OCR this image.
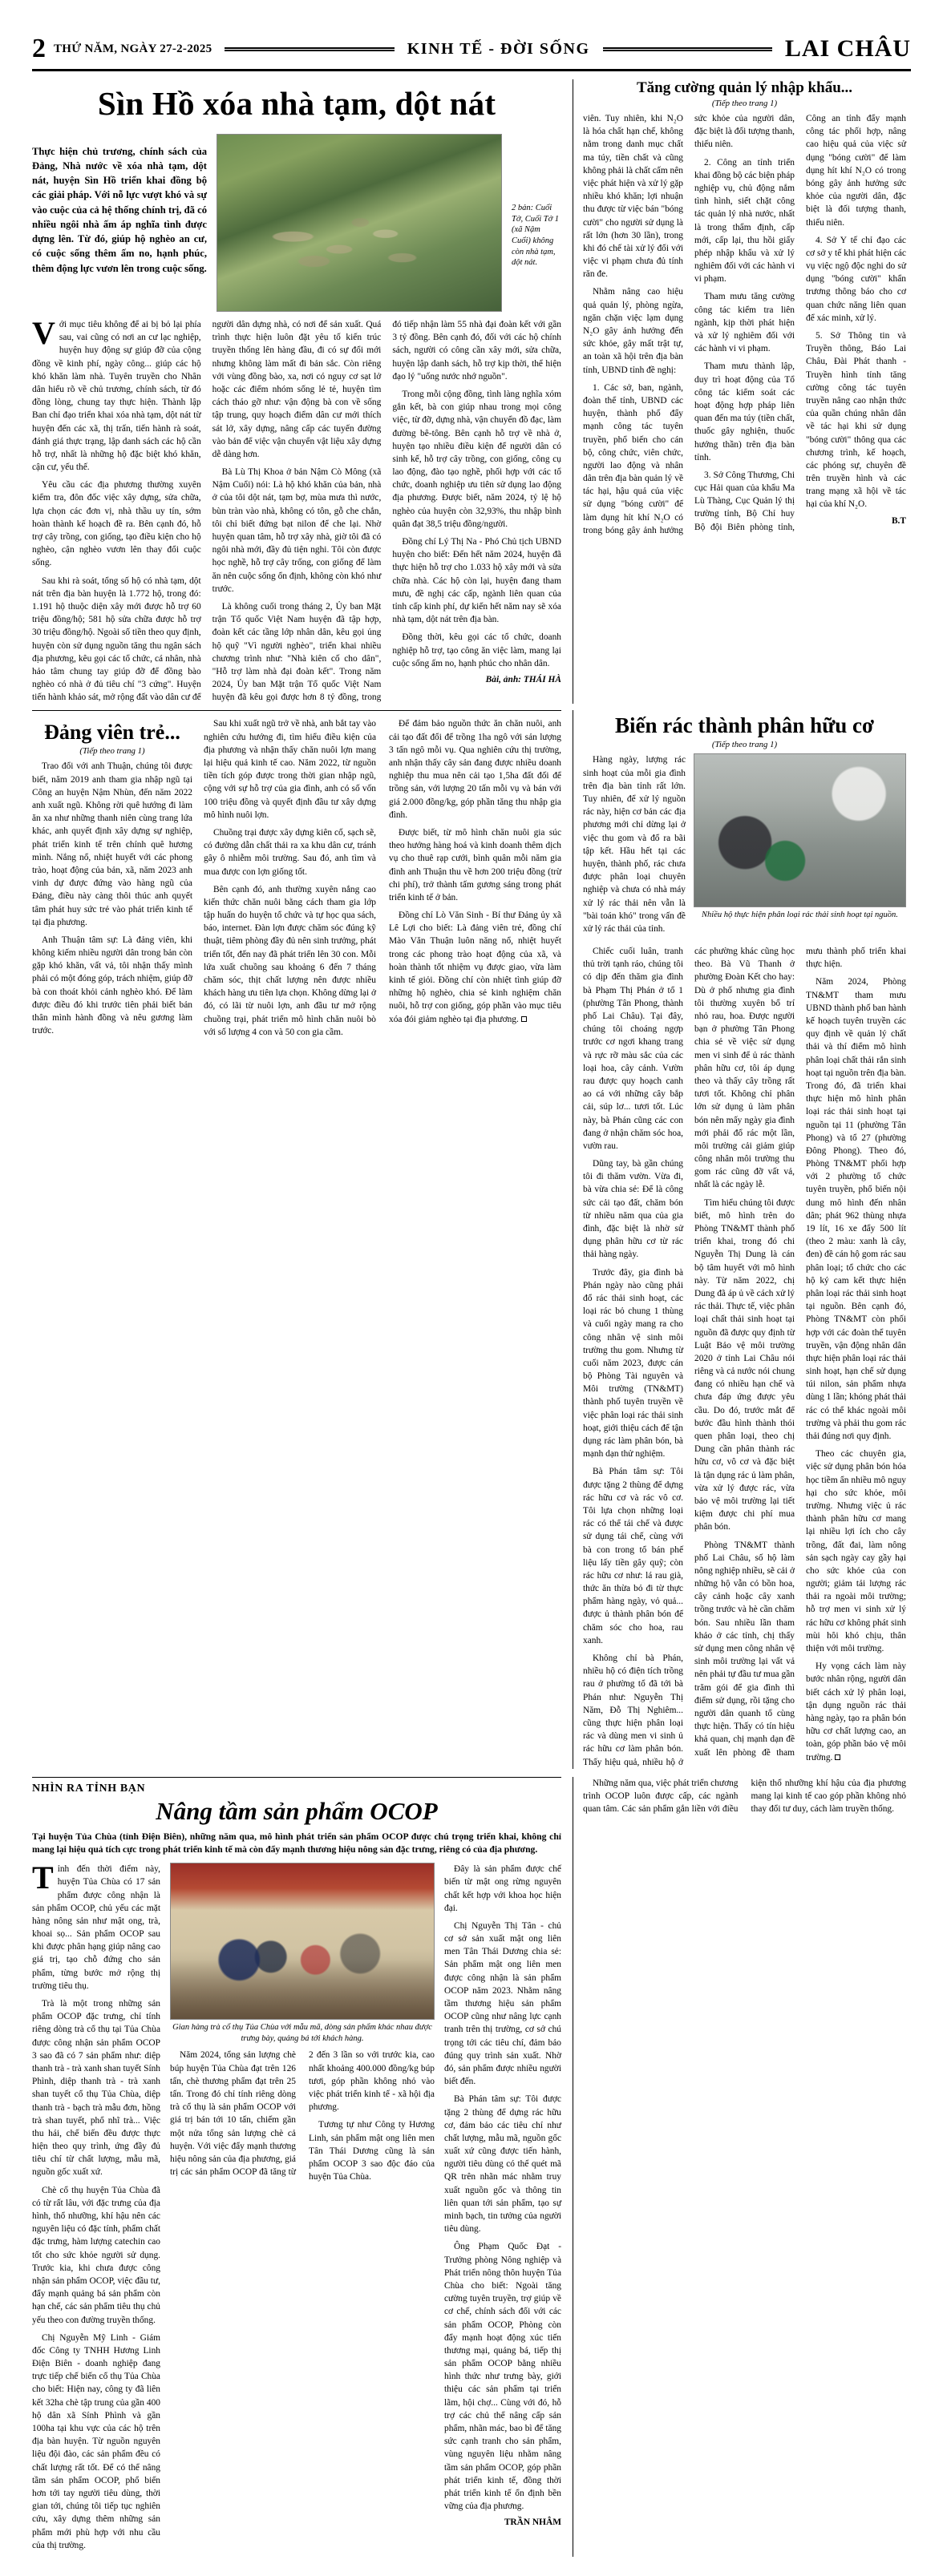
2 THỨ NĂM, NGÀY 27-2-2025	KINH TẾ - ĐỜI SỐNG	LAI CHÂU
Sìn Hồ xóa nhà tạm, dột nát

Thực hiện chủ trương, chính sách của Đảng, Nhà nước về xóa nhà tạm, dột nát, huyện Sìn Hồ triển khai đồng bộ các giải pháp. Với nỗ lực vượt khó và sự vào cuộc của cả hệ thống chính trị, đã có nhiều ngôi nhà ấm áp nghĩa tình được dựng lên. Từ đó, giúp hộ nghèo an cư, có cuộc sống thêm ấm no, hạnh phúc, thêm động lực vươn lên trong cuộc sống.

2 bản: Cuổi Tở, Cuổi Tở 1 (xã Nậm Cuổi) không còn nhà tạm, dột nát.

Với mục tiêu không để ai bị bỏ lại phía sau, vai cũng có nơi an cư lạc nghiệp, huyện huy động sự giúp đỡ của cộng đồng về kinh phí, ngày công... giúp các hộ khó khăn làm nhà. Tuyên truyền cho Nhân dân hiểu rõ về chủ trương, chính sách, từ đó đồng lòng, chung tay thực hiện. Thành lập Ban chỉ đạo triển khai xóa nhà tạm, dột nát từ huyện đến các xã, thị trấn, tiến hành rà soát, đánh giá thực trạng, lập danh sách các hộ cần hỗ trợ, nhất là những hộ đặc biệt khó khăn, cận cư, yếu thế.

Yêu cầu các địa phương thường xuyên kiểm tra, đôn đốc việc xây dựng, sửa chữa, lựa chọn các đơn vị, nhà thầu uy tín, sớm hoàn thành kế hoạch đề ra. Bên cạnh đó, hỗ trợ cây trồng, con giống, tạo điều kiện cho hộ nghèo, cận nghèo vươn lên thay đổi cuộc sống.

Sau khi rà soát, tổng số hộ có nhà tạm, dột nát trên địa bàn huyện là 1.772 hộ, trong đó: 1.191 hộ thuộc diện xây mới được hỗ trợ 60 triệu đồng/hộ; 581 hộ sửa chữa được hỗ trợ 30 triệu đồng/hộ. Ngoài số tiền theo quy định, huyện còn sử dụng nguồn tăng thu ngân sách địa phương, kêu gọi các tổ chức, cá nhân, nhà hảo tâm chung tay giúp đỡ để đồng bào nghèo có nhà ở đủ tiêu chí "3 cứng". Huyện tiến hành khảo sát, mở rộng đất vào dân cư để người dân dựng nhà, có nơi để sản xuất. Quá trình thực hiện luôn đặt yêu tố kiến trúc truyền thống lên hàng đầu, đi có sự đổi mới nhưng không làm mất đi bản sắc. Còn riêng với vùng đồng bào, xa, nơi có nguy cơ sạt lở hoặc các điểm nhóm sống lẻ tẻ, huyện tìm cách tháo gỡ như: vận động bà con về sống tập trung, quy hoạch điểm dân cư mới thích sát lở, xây dựng, nâng cấp các tuyến đường vào bản để việc vận chuyển vật liệu xây dựng dễ dàng hơn.

Bà Lù Thị Khoa ở bản Nậm Cò Mông (xã Nậm Cuổi) nói: Là hộ khó khăn của bản, nhà ở của tôi dột nát, tạm bợ, mùa mưa thì nước, bùn tràn vào nhà, không có tôn, gỗ che chắn, tôi chỉ biết đứng bạt nilon để che lại. Nhờ huyện quan tâm, hỗ trợ xây nhà, giờ tôi đã có ngôi nhà mới, đầy đủ tiện nghi. Tôi còn được học nghề, hỗ trợ cây trống, con giống để làm ăn nên cuộc sống ổn định, không còn khó như trước.

Là không cuối trong tháng 2, Ủy ban Mặt trận Tổ quốc Việt Nam huyện đã tập hợp, đoàn kết các tầng lớp nhân dân, kêu gọi ủng hộ quỹ "Vì người nghèo", triển khai nhiều chương trình như: "Nhà kiên cố cho dân", "Hỗ trợ làm nhà đại đoàn kết". Trong năm 2024, Ủy ban Mặt trận Tổ quốc Việt Nam huyện đã kêu gọi được hơn 8 tỷ đồng, trong đó tiếp nhận làm 55 nhà đại đoàn kết với gần 3 tỷ đồng. Bên cạnh đó, đối với các hộ chính sách, người có công cần xây mới, sửa chữa, huyện lập danh sách, hỗ trợ kịp thời, thể hiện đạo lý "uống nước nhớ nguồn".

Trong mỗi cộng đồng, tình làng nghĩa xóm gắn kết, bà con giúp nhau trong mọi công việc, từ đỡ, dựng nhà, vận chuyển đồ đạc, làm đường bê-tông. Bên cạnh hỗ trợ về nhà ở, huyện tạo nhiều điều kiện để người dân có sinh kế, hỗ trợ cây trồng, con giống, công cụ lao động, đào tạo nghề, phối hợp với các tổ chức, doanh nghiệp ưu tiên sử dụng lao động địa phương. Được biết, năm 2024, tỷ lệ hộ nghèo của huyện còn 32,93%, thu nhập bình quân đạt 38,5 triệu đồng/người.

Đồng chí Lý Thị Na - Phó Chủ tịch UBND huyện cho biết: Đến hết năm 2024, huyện đã thực hiện hỗ trợ cho 1.033 hộ xây mới và sửa chữa nhà. Các hộ còn lại, huyện đang tham mưu, đề nghị các cấp, ngành liên quan của tỉnh cấp kinh phí, dự kiến hết năm nay sẽ xóa nhà tạm, dột nát trên địa bàn.

Đồng thời, kêu gọi các tổ chức, doanh nghiệp hỗ trợ, tạo công ăn việc làm, mang lại cuộc sống ấm no, hạnh phúc cho nhân dân.

Bài, ảnh: THÁI HÀ
Tăng cường quản lý nhập khẩu...
(Tiếp theo trang 1)

viên. Tuy nhiên, khi N₂O là hóa chất hạn chế, không nằm trong danh mục chất ma túy, tiền chất và cũng không phải là chất cấm nên việc phát hiện và xử lý gặp nhiều khó khăn; lợi nhuận thu được từ việc bán "bóng cười" cho người sử dụng là rất lớn (hơn 30 lần), trong khi đó chế tài xử lý đối với việc vi phạm chưa đủ tính răn đe.

Nhằm nâng cao hiệu quả quản lý, phòng ngừa, ngăn chặn việc lạm dụng N₂O gây ảnh hưởng đến sức khỏe, gây mất trật tự, an toàn xã hội trên địa bàn tỉnh, UBND tỉnh đề nghị:

1. Các sở, ban, ngành, đoàn thể tỉnh, UBND các huyện, thành phố đẩy mạnh công tác tuyên truyền, phổ biến cho cán bộ, công chức, viên chức, người lao động và nhân dân trên địa bàn quản lý về tác hại, hậu quả của việc sử dụng "bóng cười" để làm dụng hít khí N₂O có trong bóng gây ảnh hưởng sức khỏe của người dân, đặc biệt là đối tượng thanh, thiếu niên.

2. Công an tỉnh triển khai đồng bộ các biện pháp nghiệp vụ, chủ động nắm tình hình, siết chặt công tác quản lý nhà nước, nhất là trong thẩm định, cấp mới, cấp lại, thu hồi giấy phép nhập khẩu và xử lý nghiêm đối với các hành vi vi phạm.

Tham mưu tăng cường công tác kiểm tra liên ngành, kịp thời phát hiện và xử lý nghiêm đối với các hành vi vi phạm.

Tham mưu thành lập, duy trì hoạt động của Tổ công tác kiểm soát các hoạt động hợp pháp liên quan đến ma túy (tiền chất, thuốc gây nghiện, thuốc hướng thần) trên địa bàn tỉnh.

3. Sở Công Thương, Chi cục Hải quan của khẩu Ma Lù Thàng, Cục Quản lý thị trường tỉnh, Bộ Chỉ huy Bộ đội Biên phòng tỉnh, Công an tỉnh đẩy mạnh công tác phối hợp, nâng cao hiệu quả của việc sử dụng "bóng cười" để làm dụng hít khí N₂O có trong bóng gây ảnh hưởng sức khỏe của người dân, đặc biệt là đối tượng thanh, thiếu niên.

4. Sở Y tế chỉ đạo các cơ sở y tế khi phát hiện các vụ việc ngộ độc nghi do sử dụng "bóng cười" khẩn trương thông báo cho cơ quan chức năng liên quan để xác minh, xử lý.

5. Sở Thông tin và Truyền thông, Báo Lai Châu, Đài Phát thanh - Truyền hình tỉnh tăng cường công tác tuyên truyền nâng cao nhận thức của quần chúng nhân dân về tác hại khi sử dụng "bóng cười" thông qua các chương trình, kế hoạch, các phóng sự, chuyên đề trên truyền hình và các trang mạng xã hội về tác hại của khí N₂O.

B.T
Đảng viên trẻ...
(Tiếp theo trang 1)

Trao đổi với anh Thuận, chúng tôi được biết, năm 2019 anh tham gia nhập ngũ tại Công an huyện Nậm Nhùn, đến năm 2022 anh xuất ngũ. Không rời quê hướng đi làm ăn xa như những thanh niên cùng trang lứa khác, anh quyết định xây dựng sự nghiệp, phát triển kinh tế trên chính quê hương mình. Nắng nổ, nhiệt huyết với các phong trào, hoạt động của bản, xã, năm 2023 anh vinh dự được đứng vào hàng ngũ của Đảng, điều này càng thôi thúc anh quyết tâm phát huy sức trẻ vào phát triển kinh tế tại địa phương.

Anh Thuận tâm sự: Là đảng viên, khi không kiếm nhiều người dân trong bản còn gặp khó khăn, vất vả, tôi nhận thấy mình phải có một đóng góp, trách nhiệm, giúp đỡ bà con thoát khỏi cảnh nghèo khó. Để làm được điều đó khi trước tiên phải biết bản thân mình hành đồng và nêu gương làm trước.

Sau khi xuất ngũ trở về nhà, anh bắt tay vào nghiên cứu hướng đi, tìm hiểu điều kiện của địa phương và nhận thấy chăn nuôi lợn mang lại hiệu quả kinh tế cao. Năm 2022, từ nguồn tiền tích góp được trong thời gian nhập ngũ, cộng với sự hỗ trợ của gia đình, anh có số vốn 100 triệu đồng và quyết định đầu tư xây dựng mô hình nuôi lợn.

Chuồng trại được xây dựng kiên cố, sạch sẽ, có đường dẫn chất thải ra xa khu dân cư, tránh gây ô nhiễm môi trường. Sau đó, anh tìm và mua được con lợn giống tốt.

Bên cạnh đó, anh thường xuyên nắng cao kiến thức chăn nuôi bằng cách tham gia lớp tập huấn do huyện tổ chức và tự học qua sách, báo, internet. Đàn lợn được chăm sóc đúng kỹ thuật, tiêm phòng đầy đủ nên sinh trưởng, phát triển tốt, đến nay đã phát triển lên 30 con. Mỗi lứa xuất chuồng sau khoảng 6 đến 7 tháng chăm sóc, thịt chất lượng nên được nhiều khách hàng ưu tiên lựa chọn. Không dừng lại ở đó, có lãi từ nuôi lợn, anh đầu tư mở rộng chuồng trại, phát triển mô hình chăn nuôi bò với số lượng 4 con và 50 con gia cầm.

Để đảm bảo nguồn thức ăn chăn nuôi, anh cải tạo đất đổi để trồng 1ha ngô với sản lượng 3 tấn ngô mỗi vụ. Qua nghiên cứu thị trường, anh nhận thấy cây sản đang được nhiều doanh nghiệp thu mua nên cải tạo 1,5ha đất đối để trồng sản, với lượng 20 tấn mỗi vụ và bán với giá 2.000 đồng/kg, góp phần tăng thu nhập gia đình.

Được biết, từ mô hình chăn nuôi gia súc theo hướng hàng hoá và kinh doanh thêm dịch vụ cho thuê rạp cưới, bình quân mỗi năm gia đình anh Thuận thu về hơn 200 triệu đồng (trừ chi phí), trở thành tấm gương sáng trong phát triển kinh tế ở bản.

Đồng chí Lò Văn Sinh - Bí thư Đảng ủy xã Lê Lợi cho biết: Là đảng viên trẻ, đồng chí Mào Văn Thuận luôn năng nổ, nhiệt huyết trong các phong trào hoạt động của xã, và hoàn thành tốt nhiệm vụ được giao, vừa làm kinh tế giỏi. Đồng chí còn nhiệt tình giúp đỡ những hộ nghèo, chia sẻ kinh nghiệm chăn nuôi, hỗ trợ con giống, góp phần vào mục tiêu xóa đói giảm nghèo tại địa phương.

Biến rác thành phân hữu cơ
(Tiếp theo trang 1)

Hàng ngày, lượng rác sinh hoạt của mỗi gia đình trên địa bàn tỉnh rất lớn. Tuy nhiên, để xử lý nguồn rác này, hiện cơ bản các địa phương mới chỉ dừng lại ở việc thu gom và đổ ra bãi tập kết. Hầu hết tại các huyện, thành phố, rác chưa được phân loại chuyên nghiệp và chưa có nhà máy xử lý rác thải nên vẫn là "bài toán khó" trong vấn đề xử lý rác thải của tỉnh.

Nhiều hộ thực hiện phân loại rác thải sinh hoạt tại nguồn.

Chiếc cuối luân, tranh thủ trời tạnh ráo, chúng tôi có dịp đến thăm gia đình bà Phạm Thị Phán ở tổ 1 (phường Tân Phong, thành phố Lai Châu). Tại đây, chúng tôi choáng ngợp trước cơ ngơi khang trang và rực rỡ màu sắc của các loại hoa, cây cảnh. Vườn rau được quy hoạch canh ao cá với những cây bắp cải, súp lơ... tươi tốt. Lúc này, bà Phán cũng các con đang ở nhận chăm sóc hoa, vườn rau.

Dũng tay, bà gần chúng tôi đi thăm vườn. Vừa đi, bà vừa chia sẻ: Để là công sức cải tạo đất, chăm bón từ nhiều năm qua của gia đình, đặc biệt là nhờ sử dụng phân hữu cơ từ rác thải hàng ngày.

Trước đây, gia đình bà Phán ngày nào cũng phải đổ rác thải sinh hoạt, các loại rác bỏ chung 1 thùng và cuối ngày mang ra cho công nhân vệ sinh môi trường thu gom. Nhưng từ cuối năm 2023, được cán bộ Phòng Tài nguyên và Môi trường (TN&MT) thành phố tuyên truyền về việc phân loại rác thải sinh hoạt, giới thiệu cách để tận dụng rác làm phân bón, bà mạnh dạn thử nghiệm.

Bà Phán tâm sự: Tôi được tặng 2 thùng để dựng rác hữu cơ và rác vô cơ. Tôi lựa chọn những loại rác có thể tái chế và được sử dụng tái chế, cùng với bà con trong tổ bán phế liệu lấy tiền gây quỹ; còn rác hữu cơ như: lá rau già, thức ăn thừa bỏ đi từ thực phẩm hàng ngày, vỏ quả... được ủ thành phân bón để chăm sóc cho hoa, rau xanh.

Không chỉ bà Phán, nhiều hộ có điện tích trồng rau ở phường tổ đã tới bà Phán như: Nguyễn Thị Năm, Đỗ Thị Nghiêm... cũng thực hiện phân loại rác và dùng men vi sinh ủ rác hữu cơ làm phân bón. Thấy hiệu quả, nhiều hộ ở các phường khác cũng học theo. Bà Vũ Thanh ở phường Đoàn Kết cho hay: Dù ở phố nhưng gia đình tôi thường xuyên bổ trí nhỏ rau, hoa. Được người bạn ở phường Tân Phong chia sẻ về việc sử dụng men vi sinh để ủ rác thành phân hữu cơ, tôi áp dụng theo và thấy cây trồng rất tươi tốt. Không chỉ phân lớn sử dụng ủ làm phân bón nên mấy ngày gia đình mới phải đổ rác một lần, môi trường cải giảm giúp công nhân môi trường thu gom rác cũng đỡ vất vả, nhất là các ngày lễ.

Tìm hiểu chúng tôi được biết, mô hình trên do Phòng TN&MT thành phố triển khai, trong đó chi Nguyễn Thị Dung là cán bộ tâm huyết với mô hình này. Từ năm 2022, chị Dung đã áp ủ về cách xử lý rác thải. Thực tế, việc phân loại chất thải sinh hoạt tại nguồn đã được quy định từ Luật Bảo vệ môi trường 2020 ở tỉnh Lai Châu nói riêng và cả nước nói chung đang có nhiều hạn chế và chưa đáp ứng được yêu cầu. Do đó, trước mắt để bước đầu hình thành thói quen phân loại, theo chị Dung cần phân thành rác hữu cơ, vô cơ và đặc biệt là tận dụng rác ủ làm phân, vừa xử lý được rác, vừa bảo vệ môi trường lại tiết kiệm được chi phí mua phân bón.

Phòng TN&MT thành phố Lai Châu, số hộ làm nông nghiệp nhiều, sẽ cải ở những hộ vẫn có bồn hoa, cây cảnh hoặc cây xanh trồng trước và hè cần chăm bón. Sau nhiều lần tham khảo ở các tỉnh, chị thấy sử dụng men công nhân vệ sinh môi trường lại vất vả nên phải tự đầu tư mua gần trăm gói để gia đình thì điểm sử dụng, rồi tặng cho người dân quanh tổ cùng thực hiện. Thấy có tín hiệu khả quan, chị mạnh dạn đề xuất lên phòng đề tham mưu thành phố triển khai thực hiện.

Năm 2024, Phòng TN&MT tham mưu UBND thành phố ban hành kế hoạch tuyên truyền các quy định về quản lý chất thải và thí điểm mô hình phân loại chất thải rắn sinh hoạt tại nguồn trên địa bàn. Trong đó, đã triển khai thực hiện mô hình phân loại rác thải sinh hoạt tại nguồn tại 11 (phường Tân Phong) và tổ 27 (phường Đông Phong). Theo đó, Phòng TN&MT phối hợp với 2 phường tổ chức tuyên truyền, phổ biến nội dung mô hình đến nhân dân; phát 962 thùng nhựa 19 lít, 16 xe đẩy 500 lít (theo 2 màu: xanh là cây, đen) đề cán hộ gom rác sau phân loại; tổ chức cho các hộ ký cam kết thực hiện phân loại rác thải sinh hoạt tại nguồn. Bên cạnh đó, Phòng TN&MT còn phối hợp với các đoàn thể tuyên truyền, vận động nhân dân thực hiện phân loại rác thải sinh hoạt, hạn chế sử dụng túi nilon, sản phẩm nhựa dùng 1 lần; khóng phát thải rác có thể khác ngoài môi trường và phải thu gom rác thải đúng nơi quy định.

Theo các chuyên gia, việc sử dụng phân bón hóa học tiềm ẩn nhiều mô nguy hại cho sức khỏe, môi trường. Nhưng việc ủ rác thành phân hữu cơ mang lại nhiều lợi ích cho cây trồng, đất đai, làm nông sản sạch ngày cay gầy hại cho sức khỏe của con người; giảm tải lượng rác thải ra ngoài môi trường; hỗ trợ men vi sinh xử lý rác hữu cơ không phát sinh mùi hôi khó chịu, thân thiện với môi trường.

Hy vọng cách làm này bước nhân rộng, người dân biết cách xử lý phân loại, tận dụng nguồn rác thải hàng ngày, tạo ra phân bón hữu cơ chất lượng cao, an toàn, góp phần bảo vệ môi trường.

NHÌN RA TỈNH BẠN
Nâng tầm sản phẩm OCOP

Tại huyện Tủa Chùa (tỉnh Điện Biên), những năm qua, mô hình phát triển sản phẩm OCOP được chú trọng triển khai, không chỉ mang lại hiệu quả tích cực trong phát triển kinh tế mà còn đẩy mạnh thương hiệu nông sản đặc trưng, riêng có của địa phương.

Tỉnh đến thời điểm này, huyện Tủa Chùa có 17 sản phẩm được công nhận là sản phẩm OCOP, chủ yếu các mặt hàng nông sản như mật ong, trà, khoai sọ... Sản phẩm OCOP sau khi được phân hạng giúp nâng cao giá trị, tạo chỗ đứng cho sản phẩm, từng bước mở rộng thị trường tiêu thụ.

Trà là một trong những sản phẩm OCOP đặc trưng, chỉ tính riêng dòng trà cổ thụ tại Tủa Chùa được công nhận sản phẩm OCOP 3 sao đã có 7 sản phẩm như: diệp thanh trà - trà xanh shan tuyết Sính Phình, diệp thanh trà - trà xanh shan tuyết cổ thụ Tủa Chùa, diệp thanh trà - bạch trà mẫu đơn, hồng trà shan tuyết, phổ nhĩ trà... Việc thu hái, chế biến đều được thực hiện theo quy trình, ứng đầy đủ tiêu chí từ chất lượng, mẫu mã, nguồn gốc xuất xứ.

Chè cổ thụ huyện Tủa Chùa đã có từ rất lâu, với đặc trưng của địa hình, thổ nhưỡng, khí hậu nên các nguyên liệu có đặc tính, phẩm chất đặc trưng, hàm lượng catechin cao tốt cho sức khỏe người sử dụng. Trước kia, khi chưa được công nhận sản phẩm OCOP, việc đầu tư, đẩy mạnh quảng bá sản phẩm còn hạn chế, các sản phẩm tiêu thụ chủ yếu theo con đường truyền thống.

Chị Nguyễn Mỹ Linh - Giám đốc Công ty TNHH Hương Linh Điện Biên - doanh nghiệp đang trực tiếp chế biến cổ thụ Tủa Chùa cho biết: Hiện nay, công ty đã liên kết 32ha chè tập trung của gần 400 hộ dân xã Sính Phình và gần 100ha tại khu vực của các hộ trên địa bàn huyện. Từ nguồn nguyên liệu đội đào, các sản phẩm đều có chất lượng rất tốt. Để có thể nâng tầm sản phẩm OCOP, phổ biến hơn tới tay người tiêu dùng, thời gian tới, chúng tôi tiếp tục nghiên cứu, xây dựng thêm những sản phẩm mới phù hợp với nhu cầu của thị trường.

Gian hàng trà cổ thụ Tủa Chùa với mẫu mã, dòng sản phẩm khác nhau được trưng bày, quảng bá tới khách hàng.

Năm 2024, tổng sản lượng chè búp huyện Tủa Chùa đạt trên 126 tấn, chè thương phẩm đạt trên 25 tấn. Trong đó chỉ tính riêng dòng trà cổ thụ là sản phẩm OCOP với giá trị bán tới 10 tấn, chiếm gần một nửa tổng sản lượng chè cả huyện. Với việc đẩy mạnh thương hiệu nông sản của địa phương, giá trị các sản phẩm OCOP đã tăng từ 2 đến 3 lần so với trước kia, cao nhất khoảng 400.000 đồng/kg búp tươi, góp phần không nhỏ vào việc phát triển kinh tế - xã hội địa phương.

Tương tự như Công ty Hương Linh, sản phẩm mật ong liên men Tân Thái Dương cũng là sản phẩm OCOP 3 sao độc đáo của huyện Tủa Chùa.

Đây là sản phẩm được chế biến từ mật ong rừng nguyên chất kết hợp với khoa học hiện đại.

Chị Nguyễn Thị Tân - chủ cơ sở sản xuất mật ong liên men Tân Thái Dương chia sẻ: Sản phẩm mật ong liên men được công nhận là sản phẩm OCOP năm 2023. Nhằm nâng tầm thương hiệu sản phẩm OCOP cũng như nâng lực cạnh tranh trên thị trường, cơ sở chú trọng tới các tiêu chí, đảm bảo đúng quy trình sản xuất. Nhờ đó, sản phẩm được nhiều người biết đến.

Bà Phán tâm sự: Tôi được tặng 2 thùng để dựng rác hữu cơ, đảm bảo các tiêu chí như chất lượng, mẫu mã, nguồn gốc xuất xứ cũng được tiến hành, người tiêu dùng có thể quét mã QR trên nhãn mác nhằm truy xuất nguồn gốc và thông tin liên quan tới sản phẩm, tạo sự minh bạch, tin tưởng của người tiêu dùng.

Ông Phạm Quốc Đạt - Trưởng phòng Nông nghiệp và Phát triển nông thôn huyện Tủa Chùa cho biết: Ngoài tăng cường tuyên truyền, trợ giúp về cơ chế, chính sách đối với các sản phẩm OCOP, Phòng còn đẩy mạnh hoạt động xúc tiến thương mại, quảng bá, tiếp thị sản phẩm OCOP bằng nhiều hình thức như trưng bày, giới thiệu các sản phẩm tại triển lãm, hội chợ... Cùng với đó, hỗ trợ các chủ thể nâng cấp sản phẩm, nhãn mác, bao bì để tăng sức cạnh tranh cho sản phẩm, vùng nguyên liệu nhằm nâng tầm sản phẩm OCOP, góp phần phát triển kinh tế, đồng thời phát triển kinh tế ổn định bền vững của địa phương.

TRẦN NHÂM

Những năm qua, việc phát triển chương trình OCOP luôn được cấp, các ngành quan tâm. Các sản phẩm gắn liền với điều kiện thổ nhưỡng khí hậu của địa phương mang lại kinh tế cao góp phần không nhỏ thay đổi tư duy, cách làm truyền thống.
